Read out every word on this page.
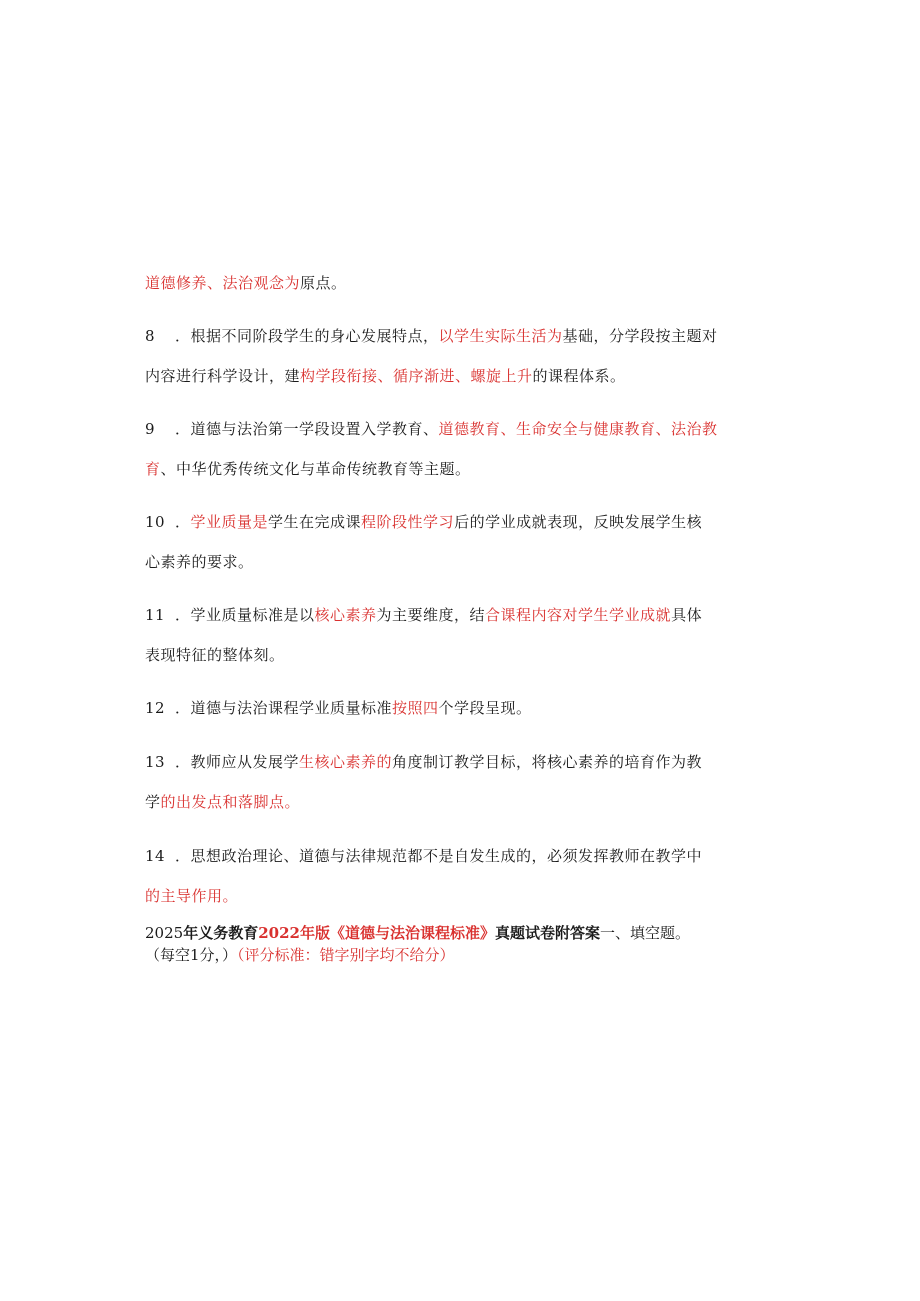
道德修养、法治观念为原点。
8 ．根据不同阶段学生的身心发展特点，以学生实际生活为基础，分学段按主题对
内容进行科学设计，建构学段衔接、循序渐进、螺旋上升的课程体系。
9 ．道德与法治第一学段设置入学教育、道德教育、生命安全与健康教育、法治教
育、中华优秀传统文化与革命传统教育等主题。
10 ．学业质量是学生在完成课程阶段性学习后的学业成就表现，反映发展学生核
心素养的要求。
11 ．学业质量标准是以核心素养为主要维度，结合课程内容对学生学业成就具体
表现特征的整体刻。
12 ．道德与法治课程学业质量标准按照四个学段呈现。
13 ．教师应从发展学生核心素养的角度制订教学目标，将核心素养的培育作为教
学的出发点和落脚点。
14 ．思想政治理论、道德与法律规范都不是自发生成的，必须发挥教师在教学中
的主导作用。
2025年义务教育2022年版《道德与法治课程标准》真题试卷附答案一、填空题。
（每空1分，）（评分标准：错字别字均不给分）
